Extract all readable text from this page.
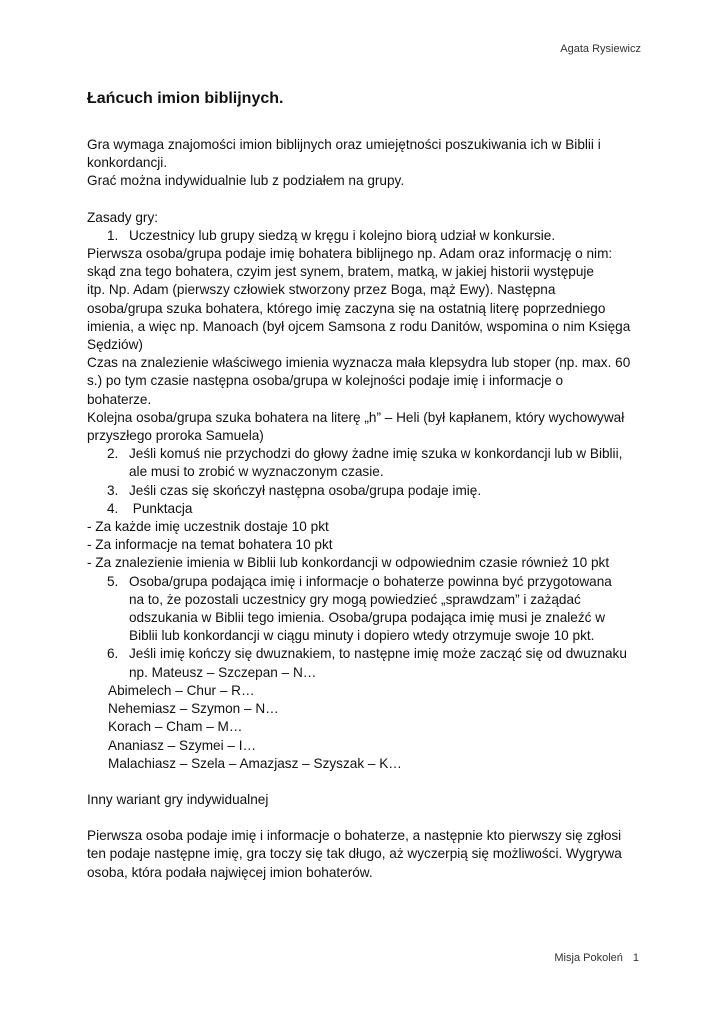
Agata Rysiewicz
Łańcuch imion biblijnych.

Gra wymaga znajomości imion biblijnych oraz umiejętności poszukiwania ich w Biblii i

konkordancji.

Grać można indywidualnie lub z podziałem na grupy.

Zasady gry:

1. Uczestnicy lub grupy siedzą w kręgu i kolejno biorą udział w konkursie.

Pierwsza osoba/grupa podaje imię bohatera biblijnego np. Adam oraz informację o nim:

skąd zna tego bohatera, czyim jest synem, bratem, matką, w jakiej historii występuje

itp. Np. Adam (pierwszy człowiek stworzony przez Boga, mąż Ewy). Następna

osoba/grupa szuka bohatera, którego imię zaczyna się na ostatnią literę poprzedniego

imienia, a więc np. Manoach (był ojcem Samsona z rodu Danitów, wspomina o nim Księga

Sędziów)

Czas na znalezienie właściwego imienia wyznacza mała klepsydra lub stoper (np. max. 60

s.) po tym czasie następna osoba/grupa w kolejności podaje imię i informacje o

bohaterze.

Kolejna osoba/grupa szuka bohatera na literę „h” – Heli (był kapłanem, który wychowywał

przyszłego proroka Samuela)

2. Jeśli komuś nie przychodzi do głowy żadne imię szuka w konkordancji lub w Biblii,

ale musi to zrobić w wyznaczonym czasie.

3. Jeśli czas się skończył następna osoba/grupa podaje imię.

4. Punktacja

- Za każde imię uczestnik dostaje 10 pkt

- Za informacje na temat bohatera 10 pkt

- Za znalezienie imienia w Biblii lub konkordancji w odpowiednim czasie również 10 pkt

5. Osoba/grupa podająca imię i informacje o bohaterze powinna być przygotowana

na to, że pozostali uczestnicy gry mogą powiedzieć „sprawdzam” i zażądać

odszukania w Biblii tego imienia. Osoba/grupa podająca imię musi je znaleźć w

Biblii lub konkordancji w ciągu minuty i dopiero wtedy otrzymuje swoje 10 pkt.

6. Jeśli imię kończy się dwuznakiem, to następne imię może zacząć się od dwuznaku

np. Mateusz – Szczepan – N…

Abimelech – Chur – R…

Nehemiasz – Szymon – N…

Korach – Cham – M…

Ananiasz – Szymei – I…

Malachiasz – Szela – Amazjasz – Szyszak – K…

Inny wariant gry indywidualnej

Pierwsza osoba podaje imię i informacje o bohaterze, a następnie kto pierwszy się zgłosi

ten podaje następne imię, gra toczy się tak długo, aż wyczerpią się możliwości. Wygrywa

osoba, która podała najwięcej imion bohaterów.

Misja Pokoleń 1
